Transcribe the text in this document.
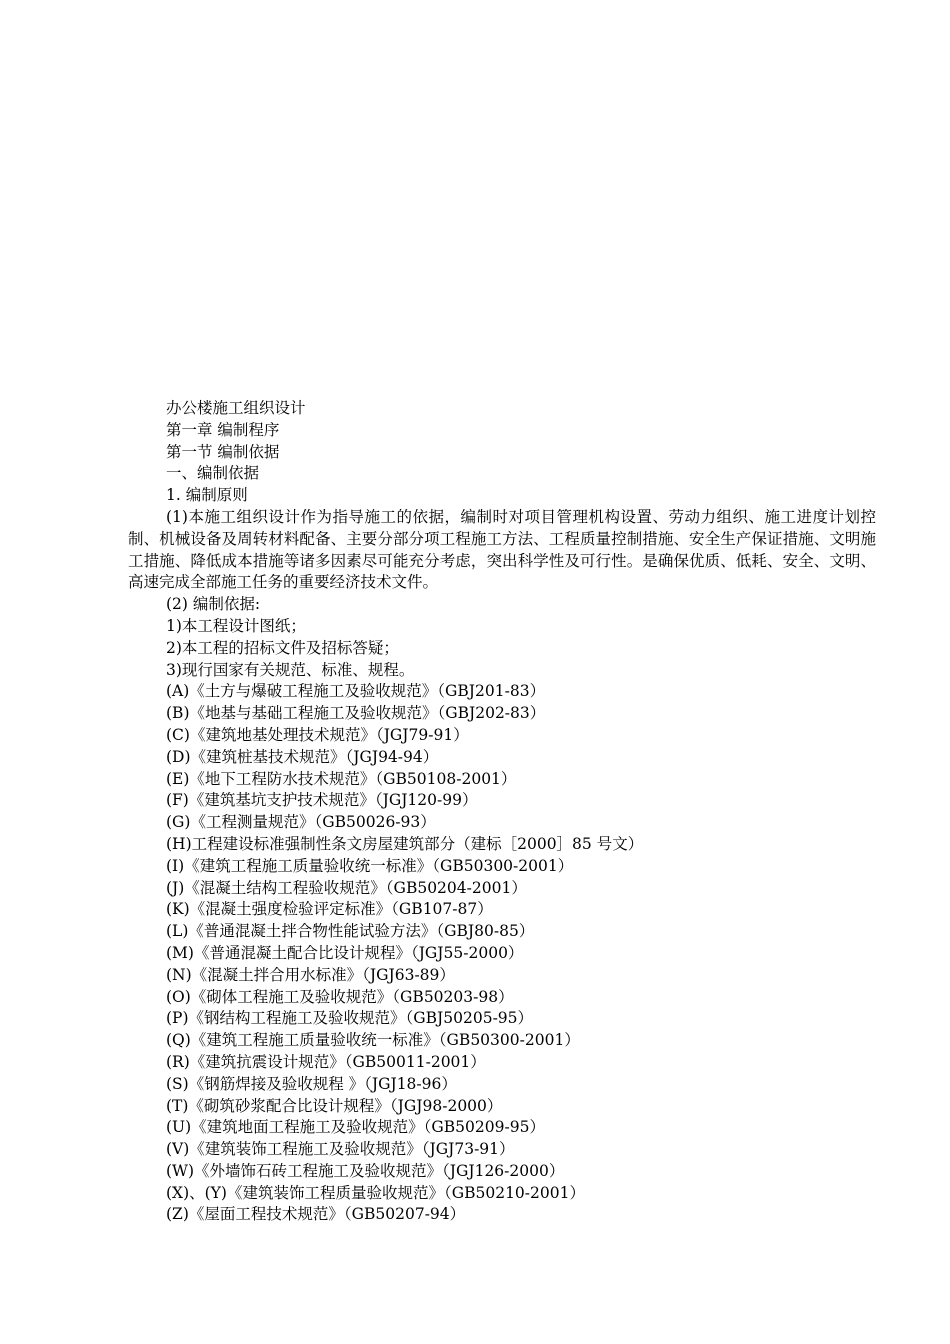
办公楼施工组织设计
第一章 编制程序
第一节 编制依据
一、编制依据
1. 编制原则

(1)本施工组织设计作为指导施工的依据，编制时对项目管理机构设置、劳动力组织、施工进度计划控制、机械设备及周转材料配备、主要分部分项工程施工方法、工程质量控制措施、安全生产保证措施、文明施工措施、降低成本措施等诸多因素尽可能充分考虑，突出科学性及可行性。是确保优质、低耗、安全、文明、高速完成全部施工任务的重要经济技术文件。

(2) 编制依据:
1)本工程设计图纸；
2)本工程的招标文件及招标答疑；
3)现行国家有关规范、标准、规程。
(A)《土方与爆破工程施工及验收规范》（GBJ201-83）
(B)《地基与基础工程施工及验收规范》（GBJ202-83）
(C)《建筑地基处理技术规范》（JGJ79-91）
(D)《建筑桩基技术规范》（JGJ94-94）
(E)《地下工程防水技术规范》（GB50108-2001）
(F)《建筑基坑支护技术规范》（JGJ120-99）
(G)《工程测量规范》（GB50026-93）
(H)工程建设标准强制性条文房屋建筑部分（建标［2000］85 号文）
(I)《建筑工程施工质量验收统一标准》（GB50300-2001）
(J)《混凝土结构工程验收规范》（GB50204-2001）
(K)《混凝土强度检验评定标准》（GB107-87）
(L)《普通混凝土拌合物性能试验方法》（GBJ80-85）
(M)《普通混凝土配合比设计规程》（JGJ55-2000）
(N)《混凝土拌合用水标准》（JGJ63-89）
(O)《砌体工程施工及验收规范》（GB50203-98）
(P)《钢结构工程施工及验收规范》（GBJ50205-95）
(Q)《建筑工程施工质量验收统一标准》（GB50300-2001）
(R)《建筑抗震设计规范》（GB50011-2001）
(S)《钢筋焊接及验收规程 》（JGJ18-96）
(T)《砌筑砂浆配合比设计规程》（JGJ98-2000）
(U)《建筑地面工程施工及验收规范》（GB50209-95）
(V)《建筑装饰工程施工及验收规范》（JGJ73-91）
(W)《外墙饰石砖工程施工及验收规范》（JGJ126-2000）
(X)、(Y)《建筑装饰工程质量验收规范》（GB50210-2001）
(Z)《屋面工程技术规范》（GB50207-94）
